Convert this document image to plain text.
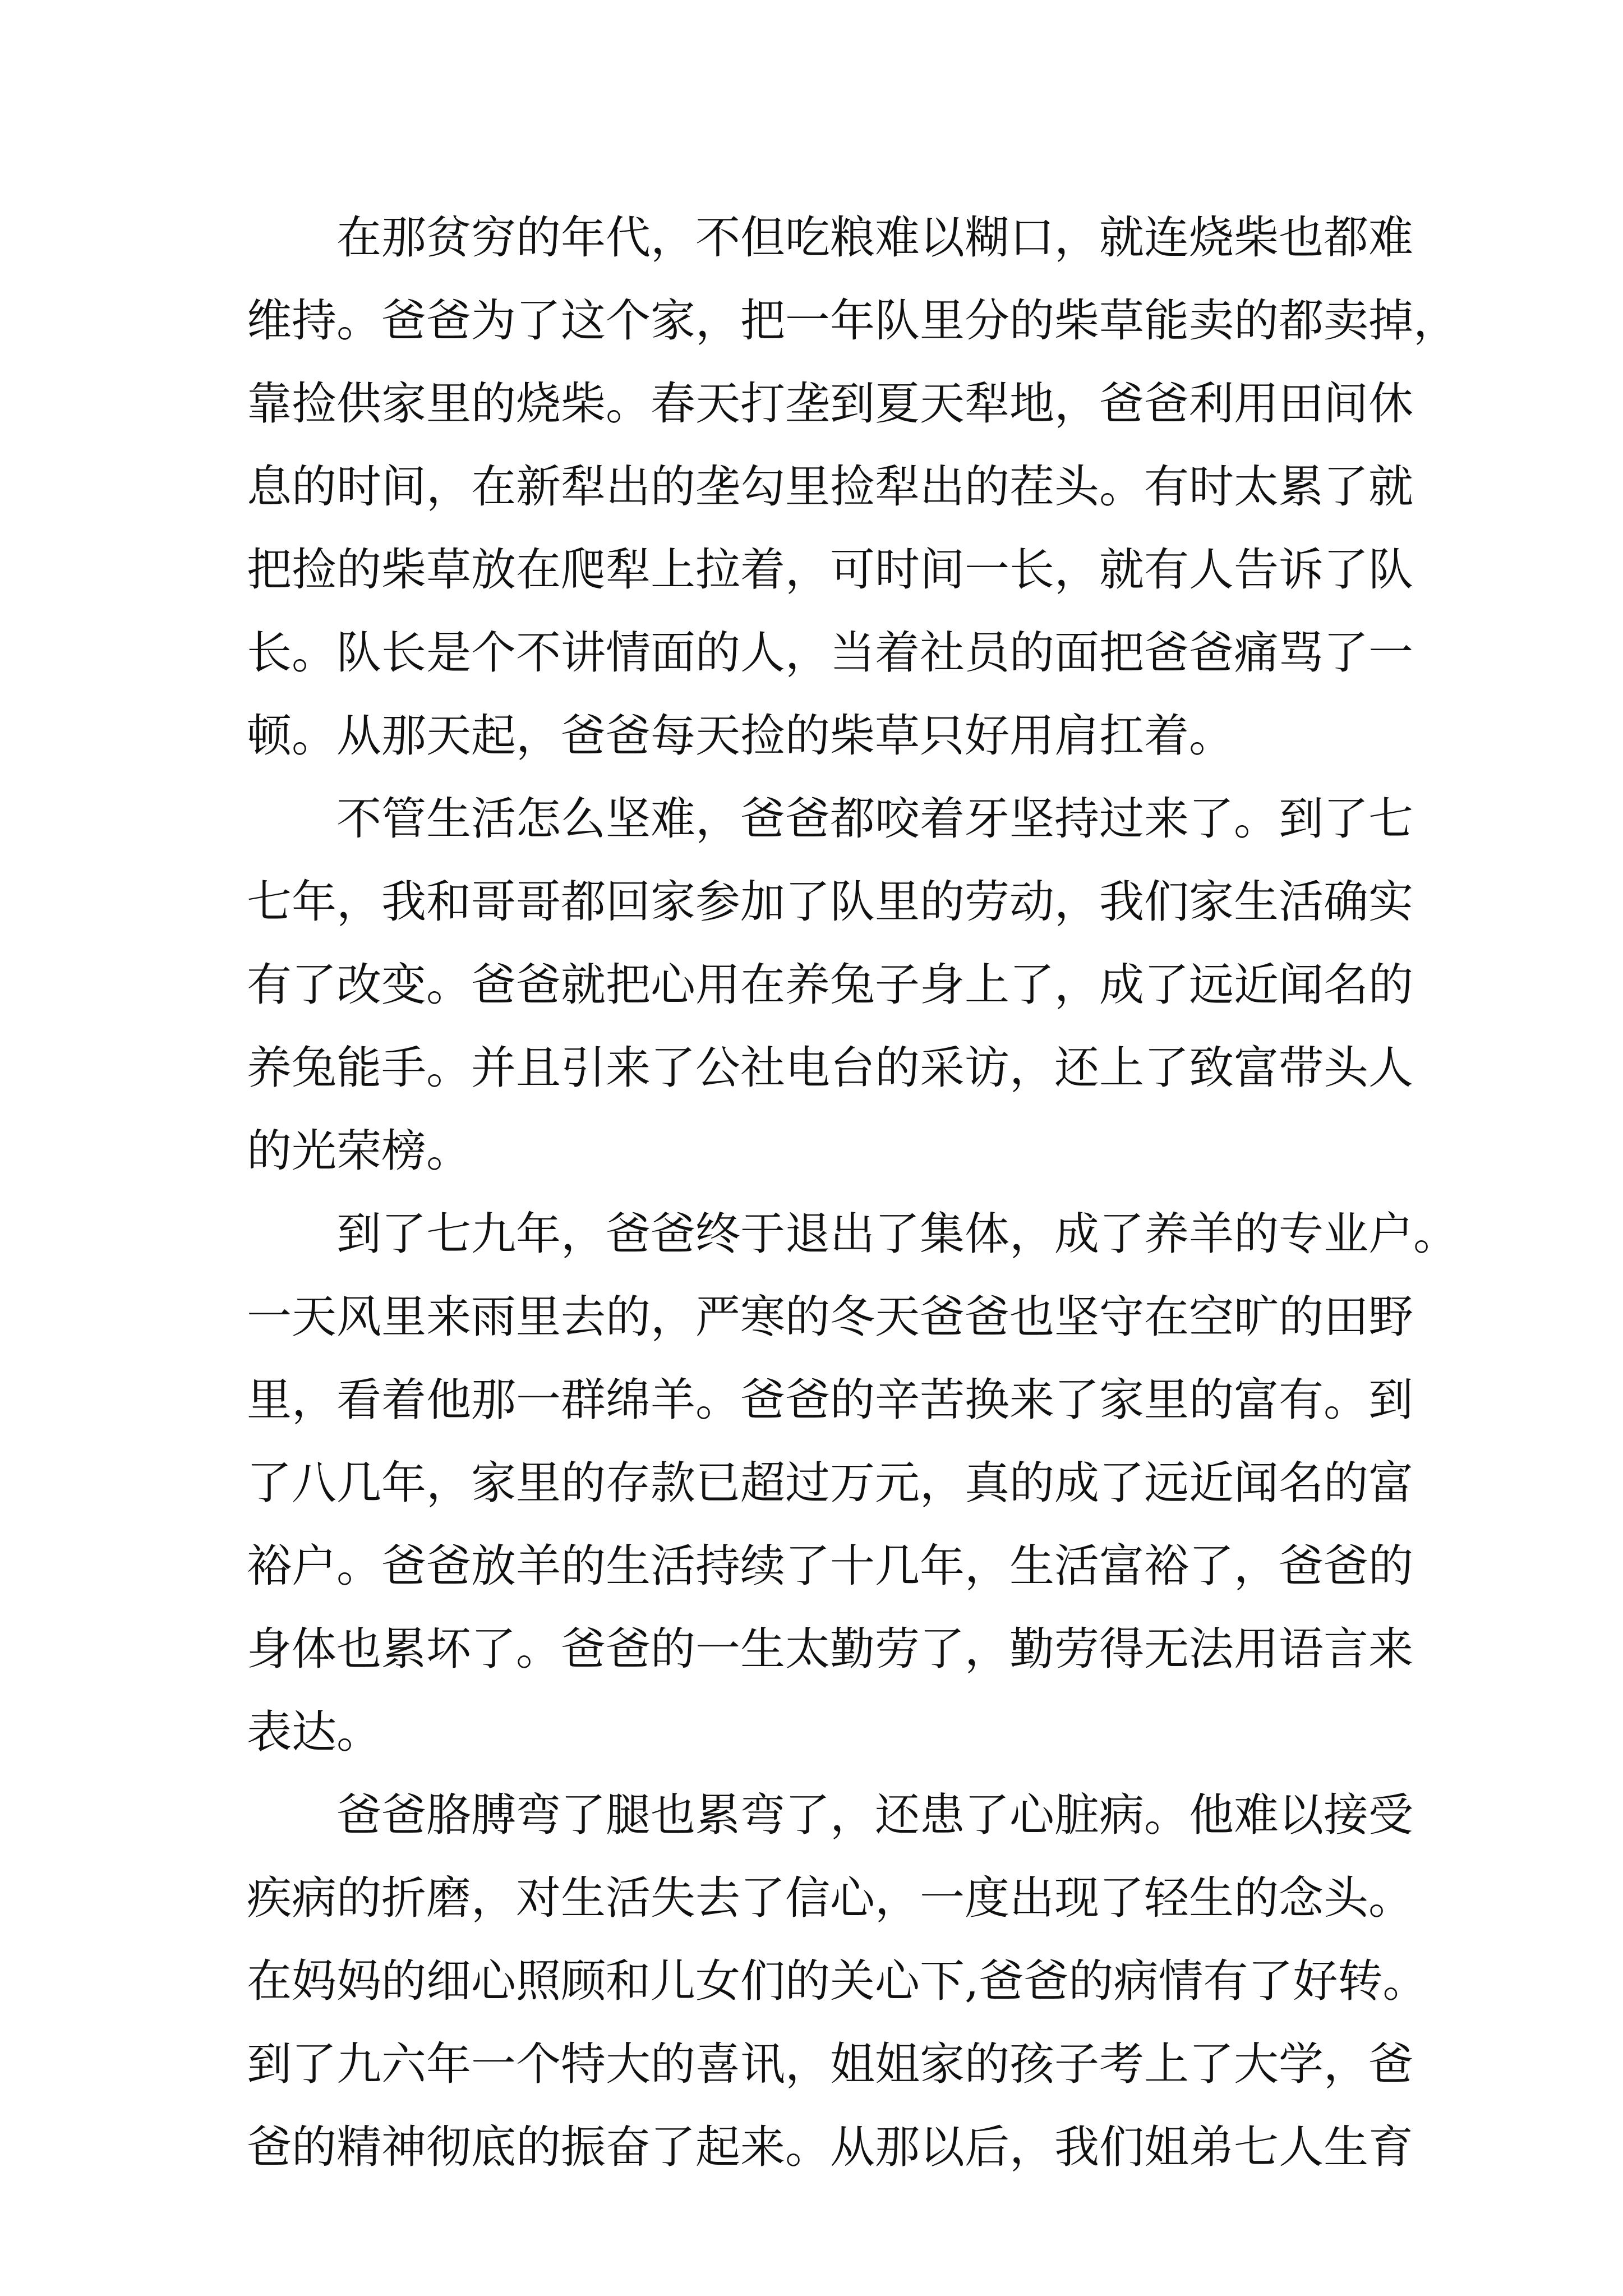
在那贫穷的年代，不但吃粮难以糊口，就连烧柴也都难
维持。爸爸为了这个家，把一年队里分的柴草能卖的都卖掉，
靠捡供家里的烧柴。春天打垄到夏天犁地，爸爸利用田间休
息的时间，在新犁出的垄勾里捡犁出的茬头。有时太累了就
把捡的柴草放在爬犁上拉着，可时间一长，就有人告诉了队
长。队长是个不讲情面的人，当着社员的面把爸爸痛骂了一
顿。从那天起，爸爸每天捡的柴草只好用肩扛着。
不管生活怎么坚难，爸爸都咬着牙坚持过来了。到了七
七年，我和哥哥都回家参加了队里的劳动，我们家生活确实
有了改变。爸爸就把心用在养兔子身上了，成了远近闻名的
养兔能手。并且引来了公社电台的采访，还上了致富带头人
的光荣榜。
到了七九年，爸爸终于退出了集体，成了养羊的专业户。
一天风里来雨里去的，严寒的冬天爸爸也坚守在空旷的田野
里，看着他那一群绵羊。爸爸的辛苦换来了家里的富有。到
了八几年，家里的存款已超过万元，真的成了远近闻名的富
裕户。爸爸放羊的生活持续了十几年，生活富裕了，爸爸的
身体也累坏了。爸爸的一生太勤劳了，勤劳得无法用语言来
表达。
爸爸胳膊弯了腿也累弯了，还患了心脏病。他难以接受
疾病的折磨，对生活失去了信心，一度出现了轻生的念头。
在妈妈的细心照顾和儿女们的关心下,爸爸的病情有了好转。
到了九六年一个特大的喜讯，姐姐家的孩子考上了大学，爸
爸的精神彻底的振奋了起来。从那以后，我们姐弟七人生育
